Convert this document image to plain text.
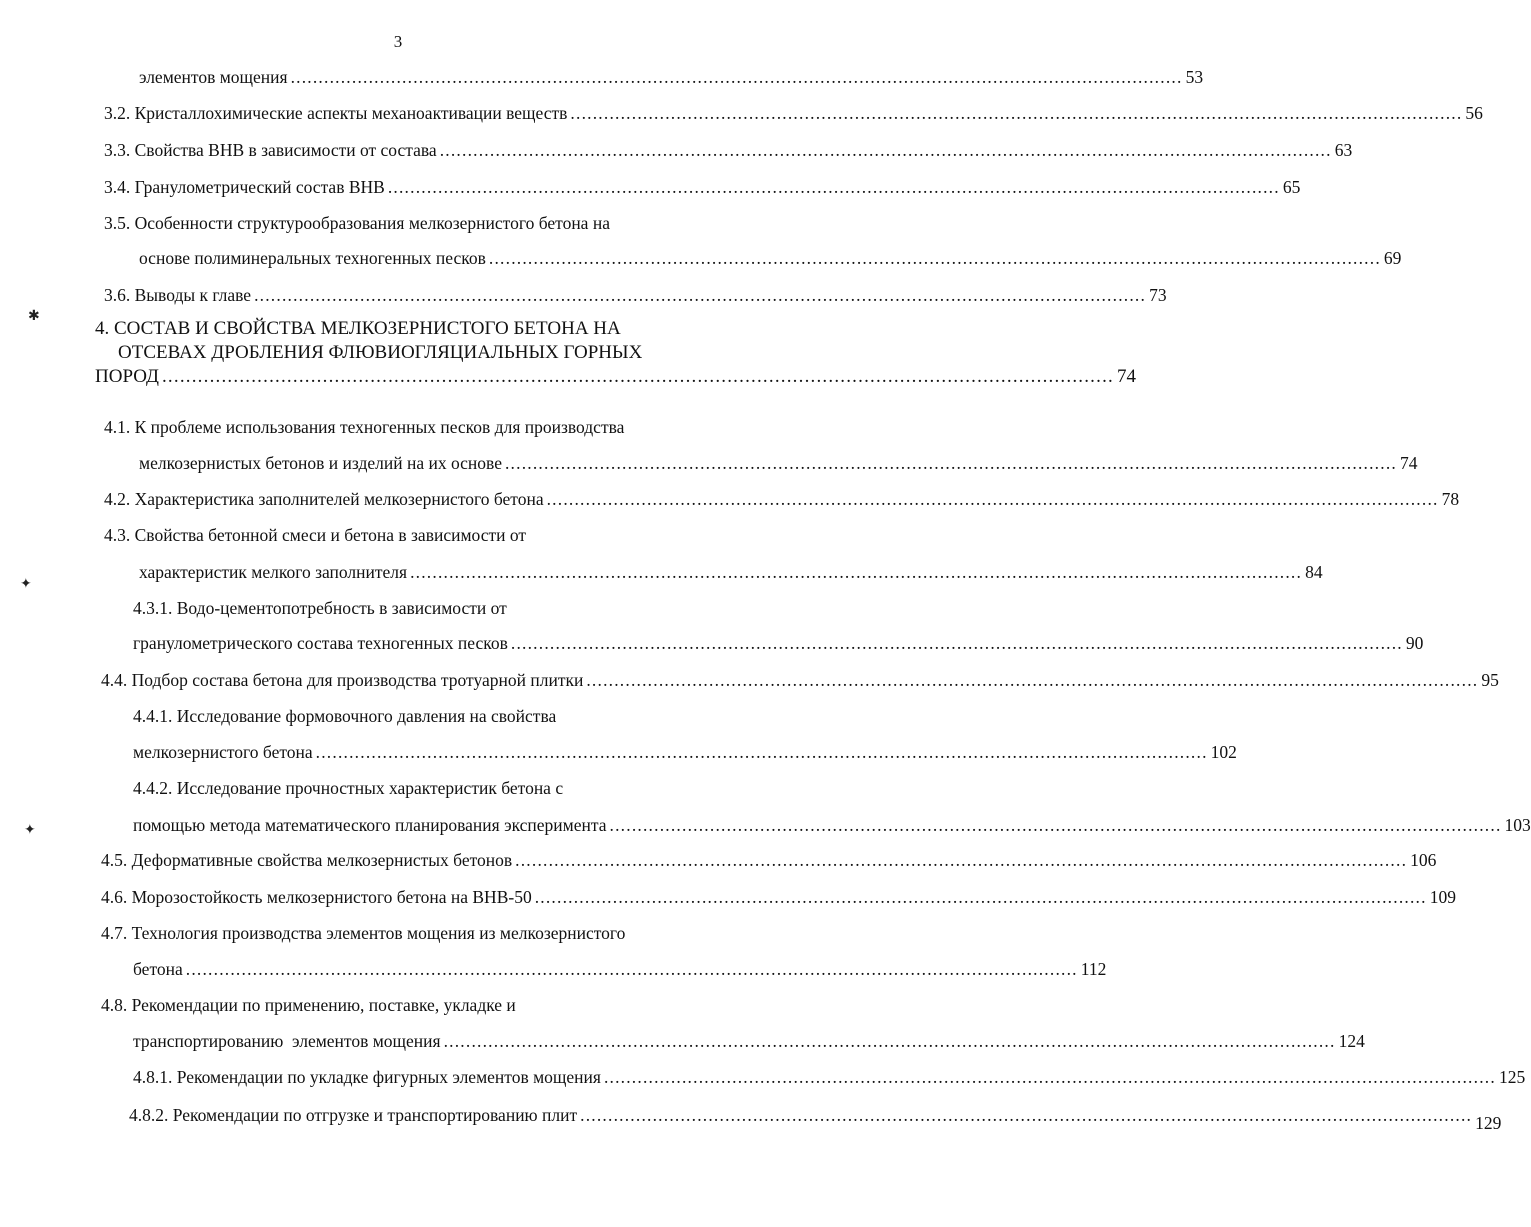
3
элементов мощения ................................................................................................................................................................ 53
3.2. Кристаллохимические аспекты механоактивации веществ ................................................................................................................................................................ 56
3.3. Свойства ВНВ в зависимости от состава ................................................................................................................................................................ 63
3.4. Гранулометрический состав ВНВ ................................................................................................................................................................ 65
3.5. Особенности структурообразования мелкозернистого бетона на
основе полиминеральных техногенных песков ................................................................................................................................................................ 69
3.6. Выводы к главе ................................................................................................................................................................ 73
4. СОСТАВ И СВОЙСТВА МЕЛКОЗЕРНИСТОГО БЕТОНА НА
ОТСЕВАХ ДРОБЛЕНИЯ ФЛЮВИОГЛЯЦИАЛЬНЫХ ГОРНЫХ
ПОРОД ................................................................................................................................................................ 74
4.1. К проблеме использования техногенных песков для производства
мелкозернистых бетонов и изделий на их основе ................................................................................................................................................................ 74
4.2. Характеристика заполнителей мелкозернистого бетона ................................................................................................................................................................ 78
4.3. Свойства бетонной смеси и бетона в зависимости от
характеристик мелкого заполнителя ................................................................................................................................................................ 84
4.3.1. Водо-цементопотребность в зависимости от
гранулометрического состава техногенных песков ................................................................................................................................................................ 90
4.4. Подбор состава бетона для производства тротуарной плитки ................................................................................................................................................................ 95
4.4.1. Исследование формовочного давления на свойства
мелкозернистого бетона ................................................................................................................................................................ 102
4.4.2. Исследование прочностных характеристик бетона с
помощью метода математического планирования эксперимента ................................................................................................................................................................ 103
4.5. Деформативные свойства мелкозернистых бетонов ................................................................................................................................................................ 106
4.6. Морозостойкость мелкозернистого бетона на ВНВ-50 ................................................................................................................................................................ 109
4.7. Технология производства элементов мощения из мелкозернистого
бетона ................................................................................................................................................................ 112
4.8. Рекомендации по применению, поставке, укладке и
транспортированию  элементов мощения ................................................................................................................................................................ 124
4.8.1. Рекомендации по укладке фигурных элементов мощения ................................................................................................................................................................ 125
4.8.2. Рекомендации по отгрузке и транспортированию плит ................................................................................................................................................................ 129
✱
✦
✦
